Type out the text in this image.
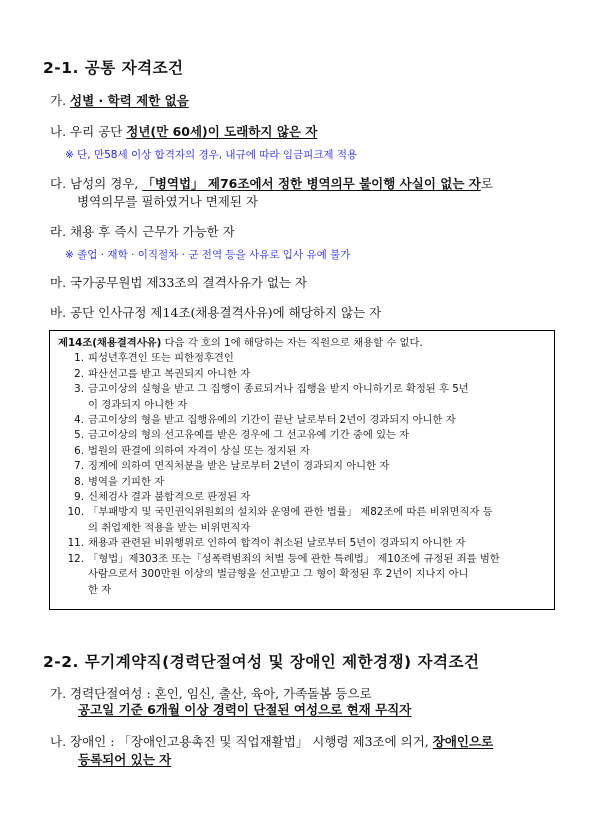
2-1. 공통 자격조건
가. 성별 · 학력 제한 없음
나. 우리 공단 정년(만 60세)이 도래하지 않은 자
※ 단, 만58세 이상 합격자의 경우, 내규에 따라 임금피크제 적용
다. 남성의 경우, 「병역법」 제76조에서 정한 병역의무 불이행 사실이 없는 자로
병역의무를 필하였거나 면제된 자
라. 채용 후 즉시 근무가 가능한 자
※ 졸업 · 재학 · 이직절차 · 군 전역 등을 사유로 입사 유예 불가
마. 국가공무원법 제33조의 결격사유가 없는 자
바. 공단 인사규정 제14조(채용결격사유)에 해당하지 않는 자
제14조(채용결격사유) 다음 각 호의 1에 해당하는 자는 직원으로 채용할 수 없다.
1. 피성년후견인 또는 피한정후견인
2. 파산선고를 받고 복권되지 아니한 자
3. 금고이상의 실형을 받고 그 집행이 종료되거나 집행을 받지 아니하기로 확정된 후 5년
이 경과되지 아니한 자
4. 금고이상의 형을 받고 집행유예의 기간이 끝난 날로부터 2년이 경과되지 아니한 자
5. 금고이상의 형의 선고유예를 받은 경우에 그 선고유예 기간 중에 있는 자
6. 법원의 판결에 의하여 자격이 상실 또는 정지된 자
7. 징계에 의하여 면직처분을 받은 날로부터 2년이 경과되지 아니한 자
8. 병역을 기피한 자
9. 신체검사 결과 불합격으로 판정된 자
10. 「부패방지 및 국민권익위원회의 설치와 운영에 관한 법률」 제82조에 따른 비위면직자 등
의 취업제한 적용을 받는 비위면직자
11. 채용과 관련된 비위행위로 인하여 합격이 취소된 날로부터 5년이 경과되지 아니한 자
12. 「형법」제303조 또는「성폭력범죄의 처벌 등에 관한 특례법」 제10조에 규정된 죄를 범한
사람으로서 300만원 이상의 벌금형을 선고받고 그 형이 확정된 후 2년이 지나지 아니
한 자
2-2. 무기계약직(경력단절여성 및 장애인 제한경쟁) 자격조건
가. 경력단절여성 : 혼인, 임신, 출산, 육아, 가족돌봄 등으로
공고일 기준 6개월 이상 경력이 단절된 여성으로 현재 무직자
나. 장애인 : 「장애인고용촉진 및 직업재활법」 시행령 제3조에 의거, 장애인으로
등록되어 있는 자
